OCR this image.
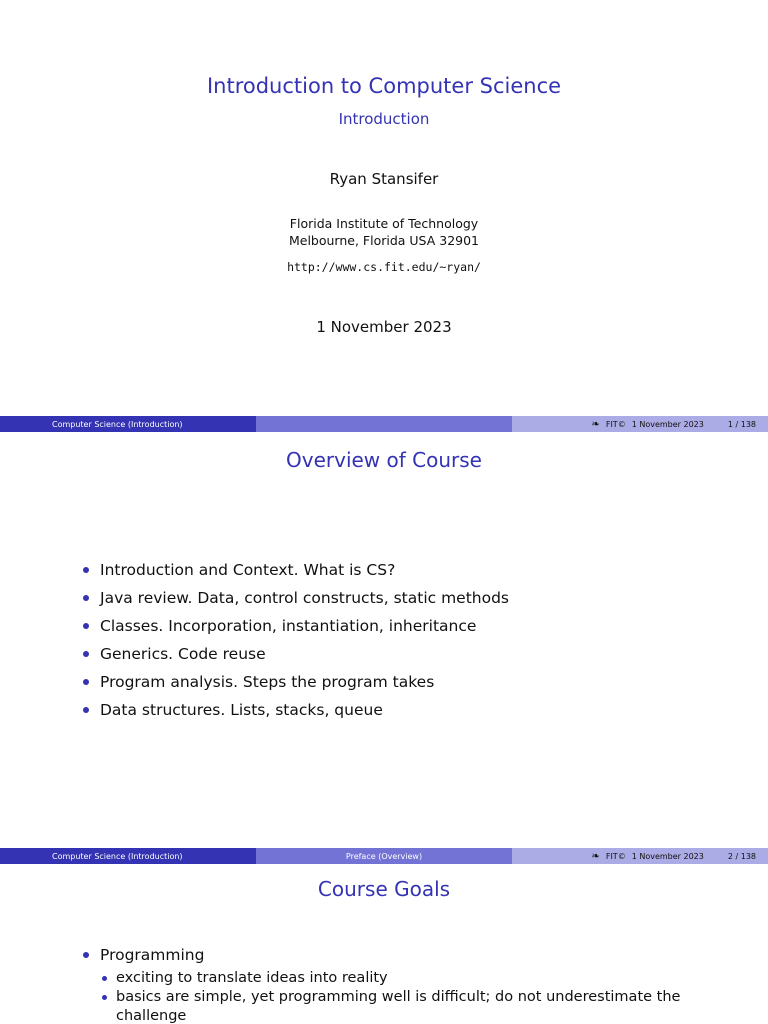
Introduction to Computer Science
Introduction
Ryan Stansifer
Florida Institute of Technology
Melbourne, Florida USA 32901
http://www.cs.fit.edu/~ryan/
1 November 2023
Computer Science (Introduction)	❧ FIT© 1 November 2023	1 / 138
Overview of Course
Introduction and Context. What is CS?
Java review. Data, control constructs, static methods
Classes. Incorporation, instantiation, inheritance
Generics. Code reuse
Program analysis. Steps the program takes
Data structures. Lists, stacks, queue
Computer Science (Introduction)	Preface (Overview)	❧ FIT© 1 November 2023	2 / 138
Course Goals
Programming
exciting to translate ideas into reality
basics are simple, yet programming well is difficult; do not underestimate the challenge
